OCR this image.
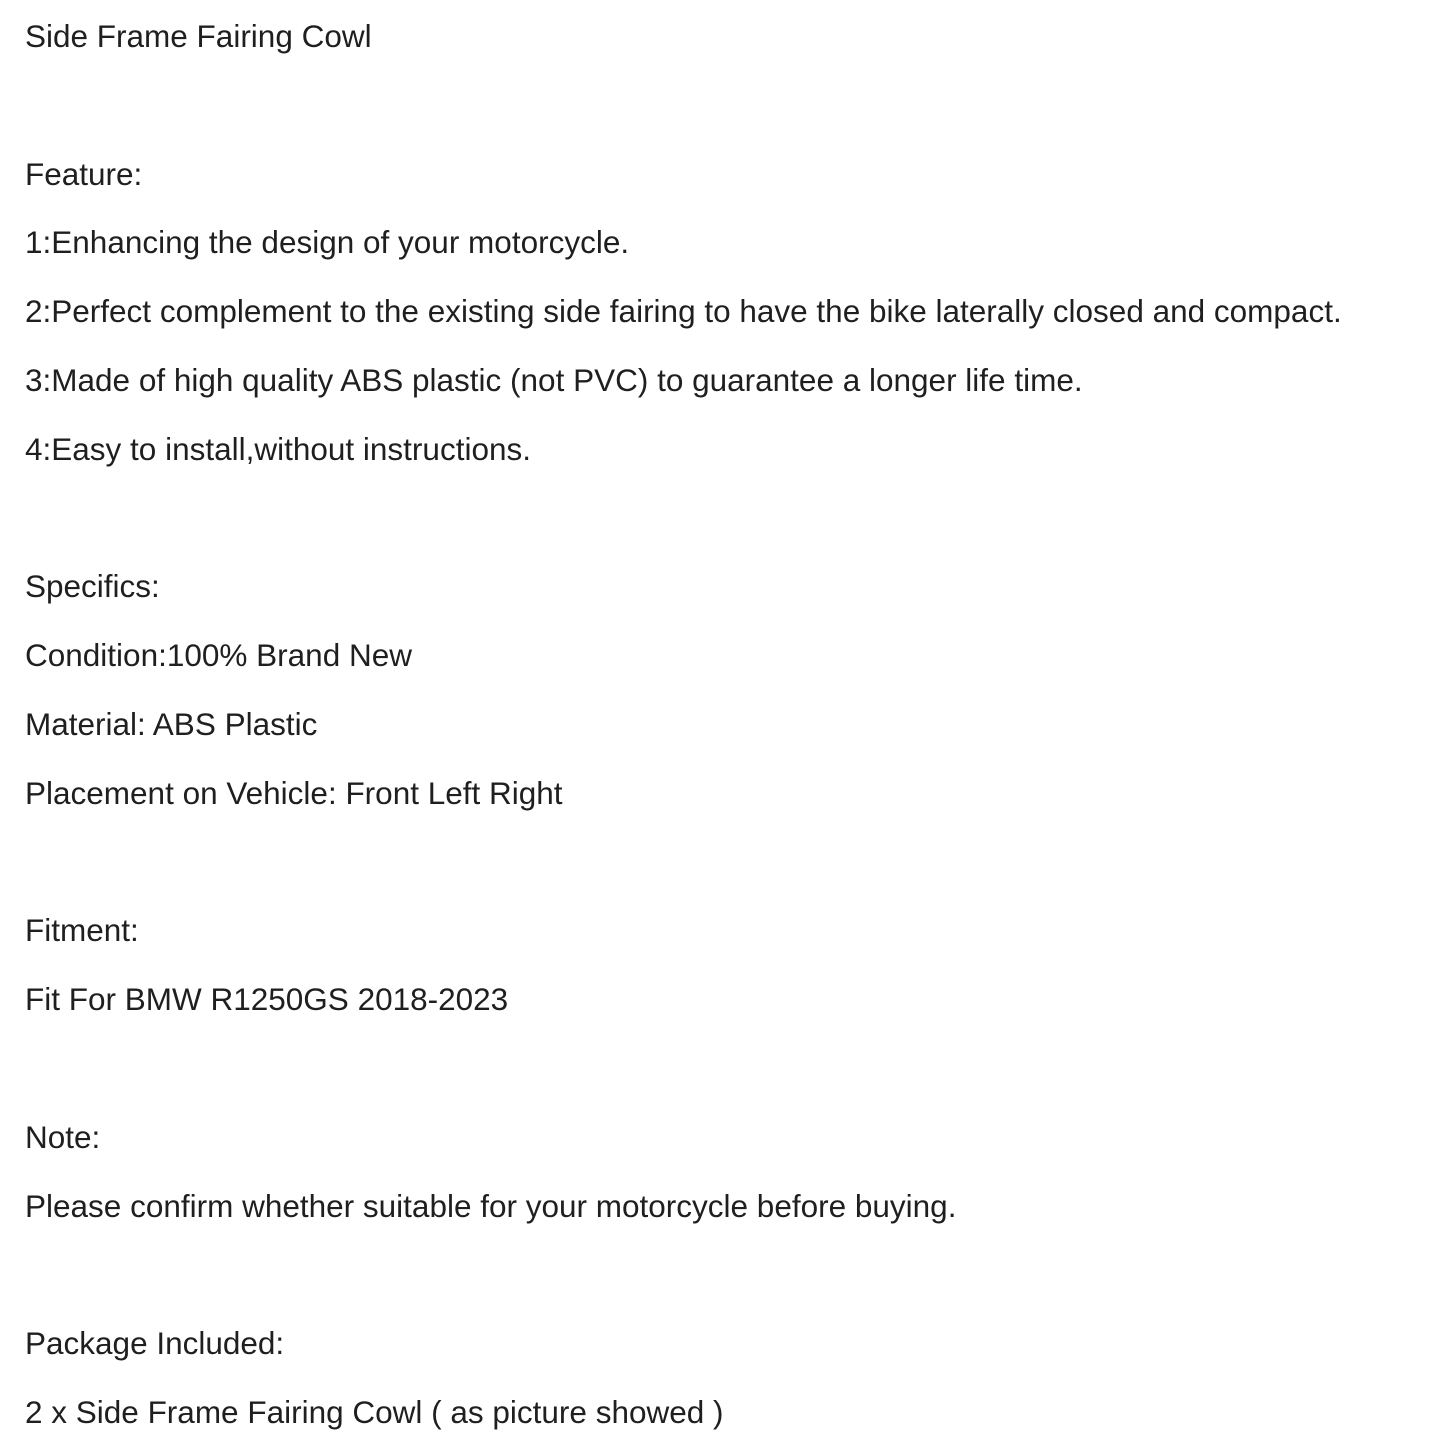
Side Frame Fairing Cowl

Feature:

1:Enhancing the design of your motorcycle.

2:Perfect complement to the existing side fairing to have the bike laterally closed and compact.

3:Made of high quality ABS plastic (not PVC) to guarantee a longer life time.

4:Easy to install,without instructions.

Specifics:

Condition:100% Brand New

Material: ABS Plastic

Placement on Vehicle: Front Left Right

Fitment:

Fit For BMW R1250GS 2018-2023

Note:

Please confirm whether suitable for your motorcycle before buying.

Package Included:

2 x Side Frame Fairing Cowl ( as picture showed )
